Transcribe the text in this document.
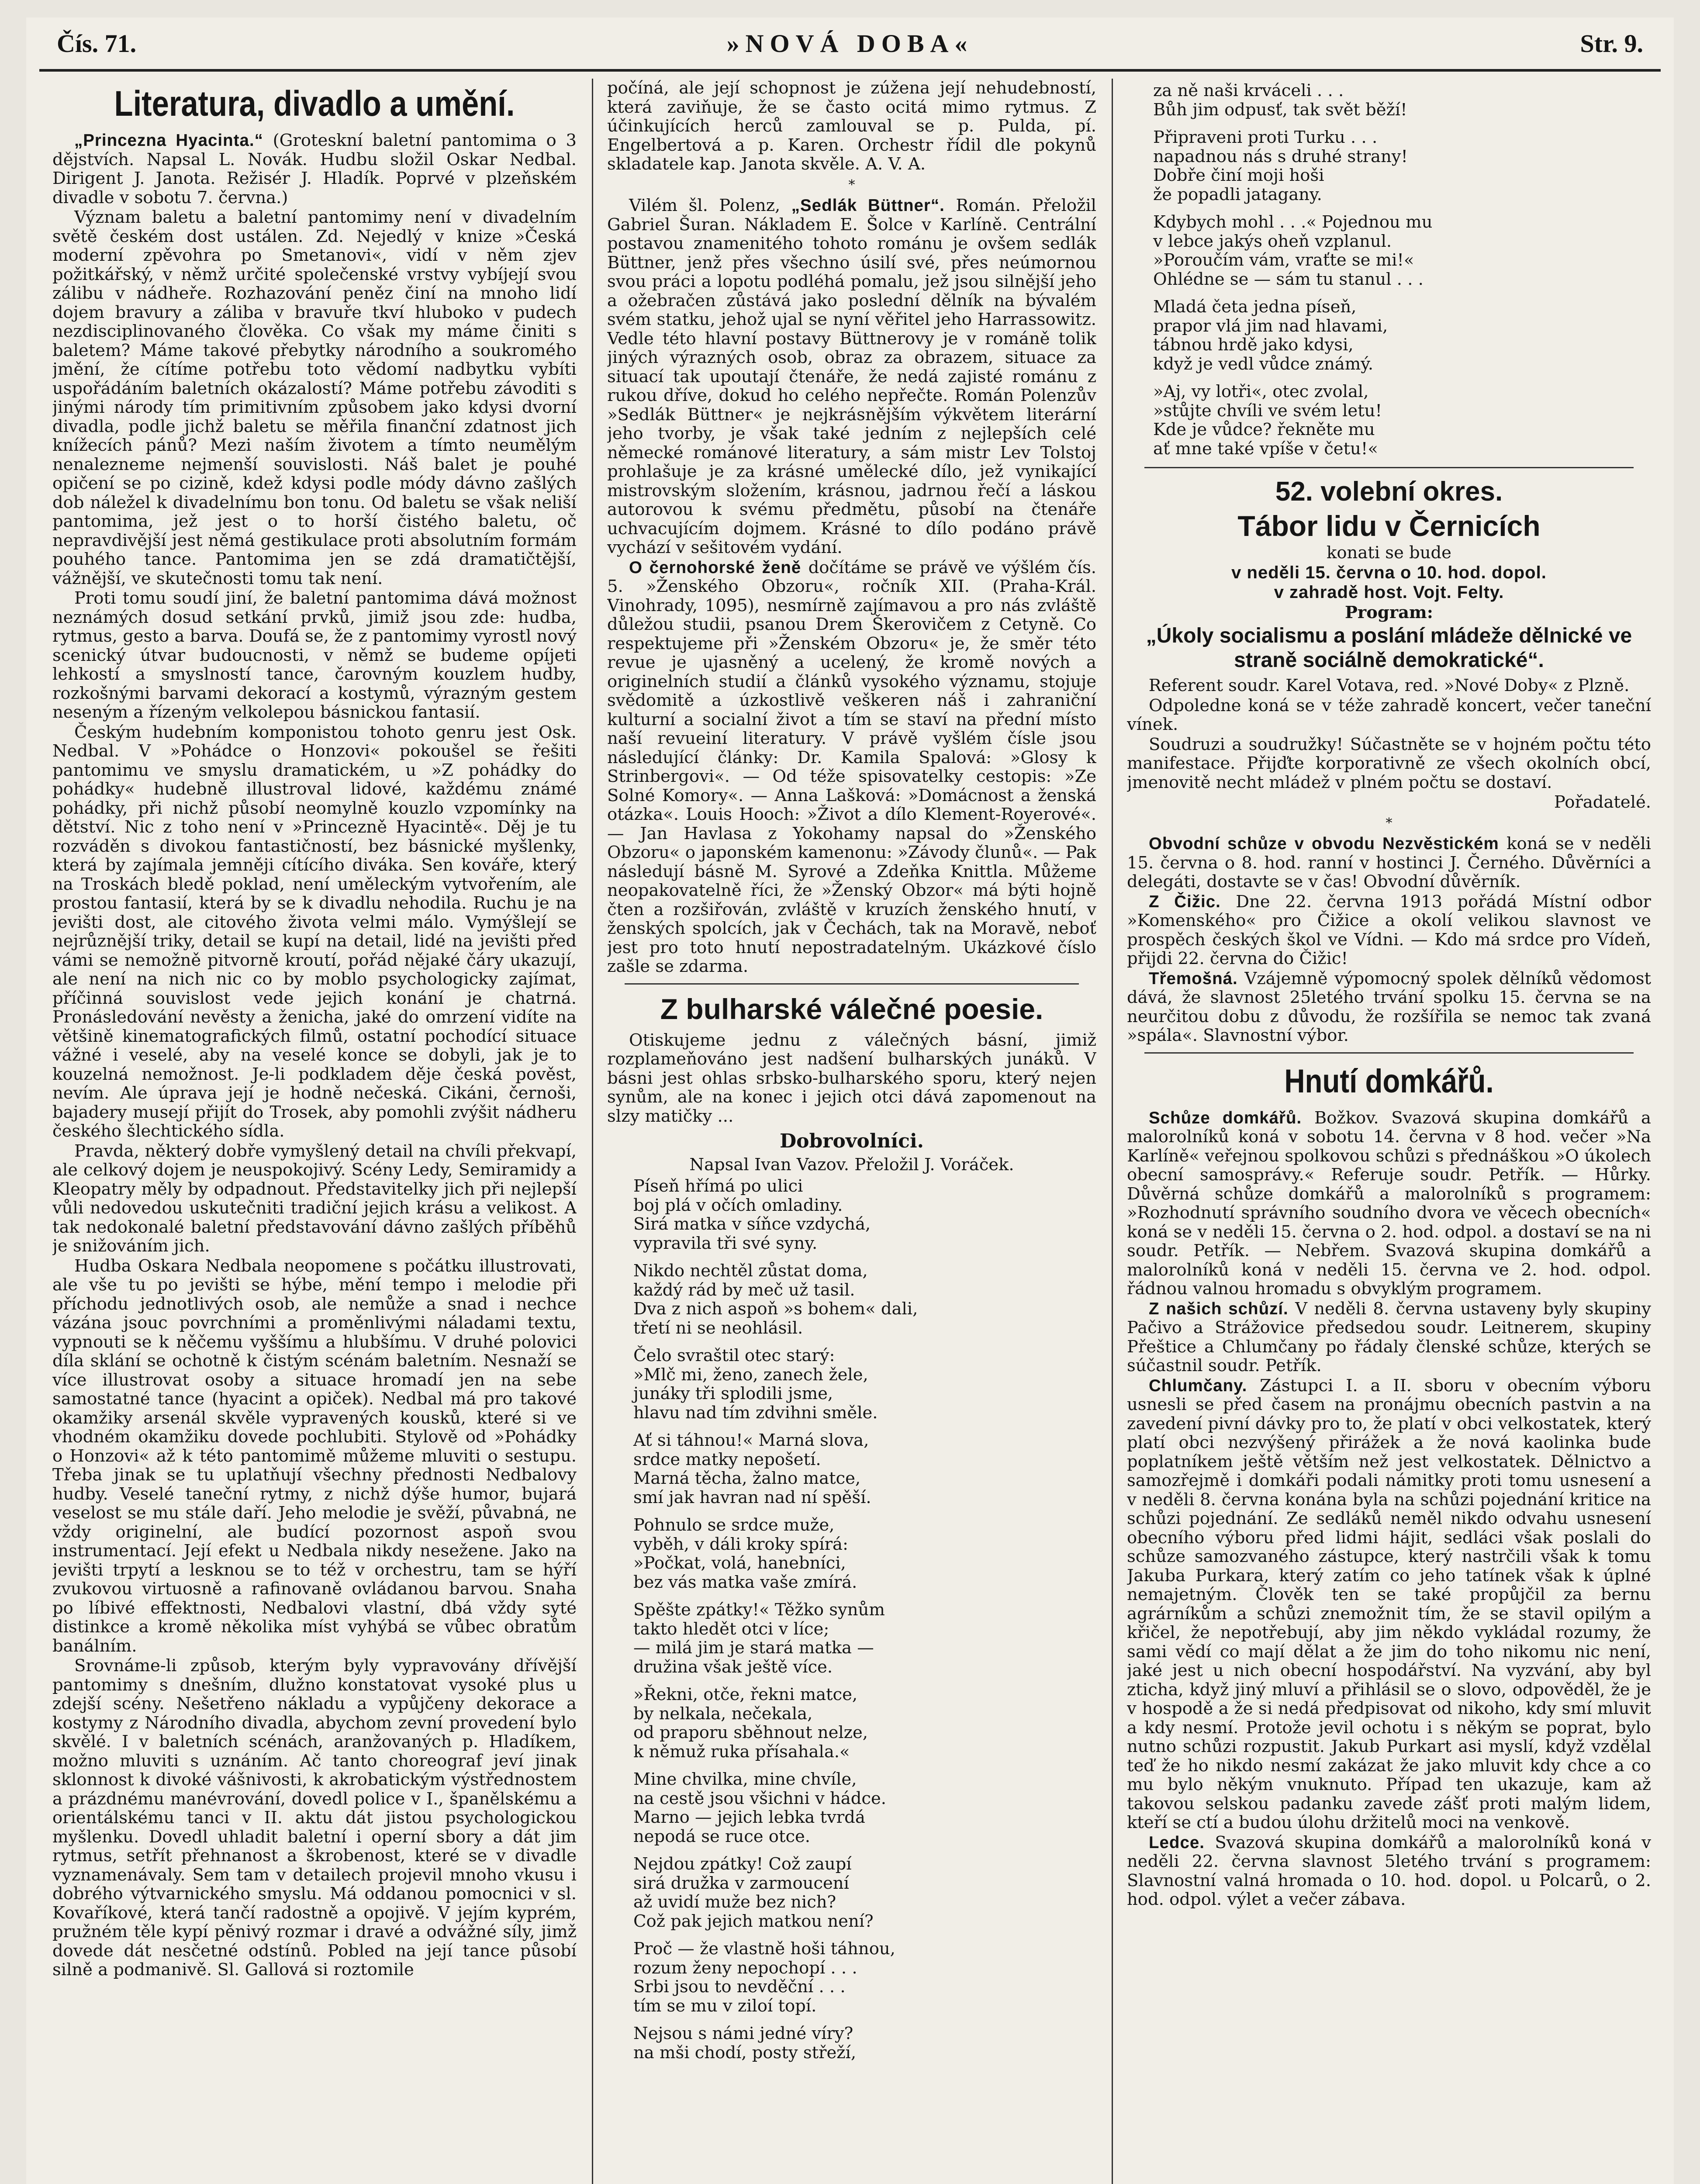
Čís. 71.	»NOVÁ DOBA«	Str. 9.
Literatura, divadlo a umění.

„Princezna Hyacinta.“ (Groteskní baletní pantomima o 3 dějstvích. Napsal L. Novák. Hudbu složil Oskar Nedbal. Dirigent J. Janota. Režisér J. Hladík. Poprvé v plzeňském divadle v sobotu 7. června.)

Význam baletu a baletní pantomimy není v divadelním světě českém dost ustálen. Zd. Nejedlý v knize »Česká moderní zpěvohra po Smetanovi«, vidí v něm zjev požitkářský, v němž určité společenské vrstvy vybíjejí svou zálibu v nádheře. Rozhazování peněz činí na mnoho lidí dojem bravury a záliba v bravuře tkví hluboko v pudech nezdisciplinovaného člověka. Co však my máme činiti s baletem? Máme takové přebytky národního a soukromého jmění, že cítíme potřebu toto vědomí nadbytku vybíti uspořádáním baletních okázalostí? Máme potřebu závoditi s jinými národy tím primitivním způsobem jako kdysi dvorní divadla, podle jichž baletu se měřila finanční zdatnost jich knížecích pánů? Mezi naším životem a tímto neumělým nenalezneme nejmenší souvislosti. Náš balet je pouhé opičení se po cizině, kdež kdysi podle módy dávno zašlých dob náležel k divadelnímu bon tonu. Od baletu se však neliší pantomima, jež jest o to horší čistého baletu, oč nepravdivější jest němá gestikulace proti absolutním formám pouhého tance. Pantomima jen se zdá dramatičtější, vážnější, ve skutečnosti tomu tak není.

Proti tomu soudí jiní, že baletní pantomima dává možnost neznámých dosud setkání prvků, jimiž jsou zde: hudba, rytmus, gesto a barva. Doufá se, že z pantomimy vyrostl nový scenický útvar budoucnosti, v němž se budeme opíjeti lehkostí a smyslností tance, čarovným kouzlem hudby, rozkošnými barvami dekorací a kostymů, výrazným gestem neseným a řízeným velkolepou básnickou fantasií.

Českým hudebním komponistou tohoto genru jest Osk. Nedbal. V »Pohádce o Honzovi« pokoušel se řešiti pantomimu ve smyslu dramatickém, u »Z pohádky do pohádky« hudebně illustroval lidové, každému známé pohádky, při nichž působí neomylně kouzlo vzpomínky na dětství. Nic z toho není v »Princezně Hyacintě«. Děj je tu rozváděn s divokou fantastičností, bez básnické myšlenky, která by zajímala jemněji cítícího diváka. Sen kováře, který na Troskách bledě poklad, není uměleckým vytvořením, ale prostou fantasií, která by se k divadlu nehodila. Ruchu je na jevišti dost, ale citového života velmi málo. Vymýšlejí se nejrůznější triky, detail se kupí na detail, lidé na jevišti před vámi se nemožně pitvorně kroutí, pořád nějaké čáry ukazují, ale není na nich nic co by moblo psychologicky zajímat, příčinná souvislost vede jejich konání je chatrná. Pronásledování nevěsty a ženicha, jaké do omrzení vidíte na většině kinematografických filmů, ostatní pochodící situace vážné i veselé, aby na veselé konce se dobyli, jak je to kouzelná nemožnost. Je-li podkladem děje česká pověst, nevím. Ale úprava její je hodně nečeská. Cikáni, černoši, bajadery musejí přijít do Trosek, aby pomohli zvýšit nádheru českého šlechtického sídla.

Pravda, některý dobře vymyšlený detail na chvíli překvapí, ale celkový dojem je neuspokojivý. Scény Ledy, Semiramidy a Kleopatry měly by odpadnout. Představitelky jich při nejlepší vůli nedovedou uskutečniti tradiční jejich krásu a velikost. A tak nedokonalé baletní představování dávno zašlých příběhů je snižováním jich.

Hudba Oskara Nedbala neopomene s počátku illustrovati, ale vše tu po jevišti se hýbe, mění tempo i melodie při příchodu jednotlivých osob, ale nemůže a snad i nechce vázána jsouc povrchními a proměnlivými náladami textu, vypnouti se k něčemu vyššímu a hlubšímu. V druhé polovici díla sklání se ochotně k čistým scénám baletním. Nesnaží se více illustrovat osoby a situace hromadí jen na sebe samostatné tance (hyacint a opiček). Nedbal má pro takové okamžiky arsenál skvěle vypravených kousků, které si ve vhodném okamžiku dovede pochlubiti. Stylově od »Pohádky o Honzovi« až k této pantomimě můžeme mluviti o sestupu. Třeba jinak se tu uplatňují všechny přednosti Nedbalovy hudby. Veselé taneční rytmy, z nichž dýše humor, bujará veselost se mu stále daří. Jeho melodie je svěží, půvabná, ne vždy originelní, ale budící pozornost aspoň svou instrumentací. Její efekt u Nedbala nikdy nesežene. Jako na jevišti trpytí a lesknou se to též v orchestru, tam se hýří zvukovou virtuosně a rafinovaně ovládanou barvou. Snaha po líbivé effektnosti, Nedbalovi vlastní, dbá vždy syté distinkce a kromě několika míst vyhýbá se vůbec obratům banálním.

Srovnáme-li způsob, kterým byly vypravovány dřívější pantomimy s dnešním, dlužno konstatovat vysoké plus u zdejší scény. Nešetřeno nákladu a vypůjčeny dekorace a kostymy z Národního divadla, abychom zevní provedení bylo skvělé. I v baletních scénách, aranžovaných p. Hladíkem, možno mluviti s uznáním. Ač tanto choreograf jeví jinak sklonnost k divoké vášnivosti, k akrobatickým výstřednostem a prázdnému manévrování, dovedl police v I., španělskému a orientálskému tanci v II. aktu dát jistou psychologickou myšlenku. Dovedl uhladit baletní i operní sbory a dát jim rytmus, setřít přehnanost a škrobenost, které se v divadle vyznamenávaly. Sem tam v detailech projevil mnoho vkusu i dobrého výtvarnického smyslu. Má oddanou pomocnici v sl. Kovaříkové, která tančí radostně a opojivě. V jejím kyprém, pružném těle kypí pěnivý rozmar i dravé a odvážné síly, jimž dovede dát nesčetné odstínů. Pobled na její tance působí silně a podmanivě. Sl. Gallová si roztomile

počíná, ale její schopnost je zúžena její nehudebností, která zaviňuje, že se často ocitá mimo rytmus. Z účinkujících herců zamlouval se p. Pulda, pí. Engelbertová a p. Karen. Orchestr řídil dle pokynů skladatele kap. Janota skvěle. A. V. A.

*

Vilém šl. Polenz, „Sedlák Büttner“. Román. Přeložil Gabriel Šuran. Nákladem E. Šolce v Karlíně. Centrální postavou znamenitého tohoto románu je ovšem sedlák Büttner, jenž přes všechno úsilí své, přes neúmornou svou práci a lopotu podléhá pomalu, jež jsou silnější jeho a ožebračen zůstává jako poslední dělník na bývalém svém statku, jehož ujal se nyní věřitel jeho Harrassowitz. Vedle této hlavní postavy Büttnerovy je v románě tolik jiných výrazných osob, obraz za obrazem, situace za situací tak upoutají čtenáře, že nedá zajisté románu z rukou dříve, dokud ho celého nepřečte. Román Polenzův »Sedlák Büttner« je nejkrásnějším výkvětem literární jeho tvorby, je však také jedním z nejlepších celé německé románové literatury, a sám mistr Lev Tolstoj prohlašuje je za krásné umělecké dílo, jež vynikající mistrovským složením, krásnou, jadrnou řečí a láskou autorovou k svému předmětu, působí na čtenáře uchvacujícím dojmem. Krásné to dílo podáno právě vychází v sešitovém vydání.

O černohorské ženě dočítáme se právě ve výšlém čís. 5. »Ženského Obzoru«, ročník XII. (Praha-Král. Vinohrady, 1095), nesmírně zajímavou a pro nás zvláště důležou studii, psanou Drem Škerovičem z Cetyně. Co respektujeme při »Ženském Obzoru« je, že směr této revue je ujasněný a ucelený, že kromě nových a originelních studií a článků vysokého významu, stojuje svědomitě a úzkostlivě veškeren náš i zahraniční kulturní a socialní život a tím se staví na přední místo naší revueiní literatury. V právě vyšlém čísle jsou následující články: Dr. Kamila Spalová: »Glosy k Strinbergovi«. — Od téže spisovatelky cestopis: »Ze Solné Komory«. — Anna Lašková: »Domácnost a ženská otázka«. Louis Hooch: »Život a dílo Klement-Royerové«. — Jan Havlasa z Yokohamy napsal do »Ženského Obzoru« o japonském kamenonu: »Závody člunů«. — Pak následují básně M. Syrové a Zdeňka Knittla. Můžeme neopakovatelně říci, že »Ženský Obzor« má býti hojně čten a rozšiřován, zvláště v kruzích ženského hnutí, v ženských spolcích, jak v Čechách, tak na Moravě, neboť jest pro toto hnutí nepostradatelným. Ukázkové číslo zašle se zdarma.

Z bulharské válečné poesie.

Otiskujeme jednu z válečných básní, jimiž rozplameňováno jest nadšení bulharských junáků. V básni jest ohlas srbsko-bulharského sporu, který nejen synům, ale na konec i jejich otci dává zapomenout na slzy matičky ...

Dobrovolníci.

Napsal Ivan Vazov. Přeložil J. Voráček.

Píseň hřímá po ulici
boj plá v očích omladiny.
Sirá matka v síňce vzdychá,
vypravila tři své syny.
Nikdo nechtěl zůstat doma,
každý rád by meč už tasil.
Dva z nich aspoň »s bohem« dali,
třetí ni se neohlásil.
Čelo svraštil otec starý:
»Mlč mi, ženo, zanech žele,
junáky tři splodili jsme,
hlavu nad tím zdvihni směle.
Ať si táhnou!« Marná slova,
srdce matky nepošetí.
Marná těcha, žalno matce,
smí jak havran nad ní spěší.
Pohnulo se srdce muže,
vyběh, v dáli kroky spírá:
»Počkat, volá, hanebníci,
bez vás matka vaše zmírá.
Spěšte zpátky!« Těžko synům
takto hledět otci v líce;
— milá jim je stará matka —
družina však ještě více.
»Řekni, otče, řekni matce,
by nelkala, nečekala,
od praporu sběhnout nelze,
k němuž ruka přísahala.«
Mine chvilka, mine chvíle,
na cestě jsou všichni v hádce.
Marno — jejich lebka tvrdá
nepodá se ruce otce.
Nejdou zpátky! Což zaupí
sirá družka v zarmoucení
až uvidí muže bez nich?
Což pak jejich matkou není?
Proč — že vlastně hoši táhnou,
rozum ženy nepochopí . . .
Srbi jsou to nevděční . . .
tím se mu v ziloí topí.
Nejsou s námi jedné víry?
na mši chodí, posty střeží,
za ně naši krváceli . . .
Bůh jim odpusť, tak svět běží!
Připraveni proti Turku . . .
napadnou nás s druhé strany!
Dobře činí moji hoši
že popadli jatagany.
Kdybych mohl . . .« Pojednou mu
v lebce jakýs oheň vzplanul.
»Poroučím vám, vraťte se mi!«
Ohlédne se — sám tu stanul . . .
Mladá četa jedna píseň,
prapor vlá jim nad hlavami,
tábnou hrdě jako kdysi,
když je vedl vůdce známý.
»Aj, vy lotři«, otec zvolal,
»stůjte chvíli ve svém letu!
Kde je vůdce? řekněte mu
ať mne také vpíše v četu!«
52. volební okres.
Tábor lidu v Černicích

konati se bude

v neděli 15. června o 10. hod. dopol.

v zahradě host. Vojt. Felty.

Program:

„Úkoly socialismu a poslání mládeže dělnické ve straně sociálně demokratické“.

Referent soudr. Karel Votava, red. »Nové Doby« z Plzně.

Odpoledne koná se v téže zahradě koncert, večer taneční vínek.

Soudruzi a soudružky! Súčastněte se v hojném počtu této manifestace. Přijďte korporativně ze všech okolních obcí, jmenovitě necht mládež v plném počtu se dostaví.

Pořadatelé.

*

Obvodní schůze v obvodu Nezvěstickém koná se v neděli 15. června o 8. hod. ranní v hostinci J. Černého. Důvěrníci a delegáti, dostavte se v čas! Obvodní důvěrník.

Z Čižic. Dne 22. června 1913 pořádá Místní odbor »Komenského« pro Čižice a okolí velikou slavnost ve prospěch českých škol ve Vídni. — Kdo má srdce pro Vídeň, přijdi 22. června do Čižic!

Třemošná. Vzájemně výpomocný spolek dělníků vědomost dává, že slavnost 25letého trvání spolku 15. června se na neurčitou dobu z důvodu, že rozšířila se nemoc tak zvaná »spála«. Slavnostní výbor.

Hnutí domkářů.

Schůze domkářů. Božkov. Svazová skupina domkářů a malorolníků koná v sobotu 14. června v 8 hod. večer »Na Karlíně« veřejnou spolkovou schůzi s přednáškou »O úkolech obecní samosprávy.« Referuje soudr. Petřík. — Hůrky. Důvěrná schůze domkářů a malorolníků s programem: »Rozhodnutí správního soudního dvora ve věcech obecních« koná se v neděli 15. června o 2. hod. odpol. a dostaví se na ni soudr. Petřík. — Nebřem. Svazová skupina domkářů a malorolníků koná v neděli 15. června ve 2. hod. odpol. řádnou valnou hromadu s obvyklým programem.

Z našich schůzí. V neděli 8. června ustaveny byly skupiny Pačivo a Strážovice předsedou soudr. Leitnerem, skupiny Přeštice a Chlumčany po řádaly členské schůze, kterých se súčastnil soudr. Petřík.

Chlumčany. Zástupci I. a II. sboru v obecním výboru usnesli se před časem na pronájmu obecních pastvin a na zavedení pivní dávky pro to, že platí v obci velkostatek, který platí obci nezvýšený přirážek a že nová kaolinka bude poplatníkem ještě větším než jest velkostatek. Dělnictvo a samozřejmě i domkáři podali námitky proti tomu usnesení a v neděli 8. června konána byla na schůzi pojednání kritice na schůzi pojednání. Ze sedláků neměl nikdo odvahu usnesení obecního výboru před lidmi hájit, sedláci však poslali do schůze samozvaného zástupce, který nastrčili však k tomu Jakuba Purkara, který zatím co jeho tatínek však k úplné nemajetným. Člověk ten se také propůjčil za bernu agrárníkům a schůzi znemožnit tím, že se stavil opilým a křičel, že nepotřebují, aby jim někdo vykládal rozumy, že sami vědí co mají dělat a že jim do toho nikomu nic není, jaké jest u nich obecní hospodářství. Na vyzvání, aby byl zticha, když jiný mluví a přihlásil se o slovo, odpověděl, že je v hospodě a že si nedá předpisovat od nikoho, kdy smí mluvit a kdy nesmí. Protože jevil ochotu i s někým se poprat, bylo nutno schůzi rozpustit. Jakub Purkart asi myslí, když vzdělal teď že ho nikdo nesmí zakázat že jako mluvit kdy chce a co mu bylo někým vnuknuto. Případ ten ukazuje, kam až takovou selskou padanku zavede zášť proti malým lidem, kteří se ctí a budou úlohu držitelů moci na venkově.

Ledce. Svazová skupina domkářů a malorolníků koná v neděli 22. června slavnost 5letého trvání s programem: Slavnostní valná hromada o 10. hod. dopol. u Polcarů, o 2. hod. odpol. výlet a večer zábava.
